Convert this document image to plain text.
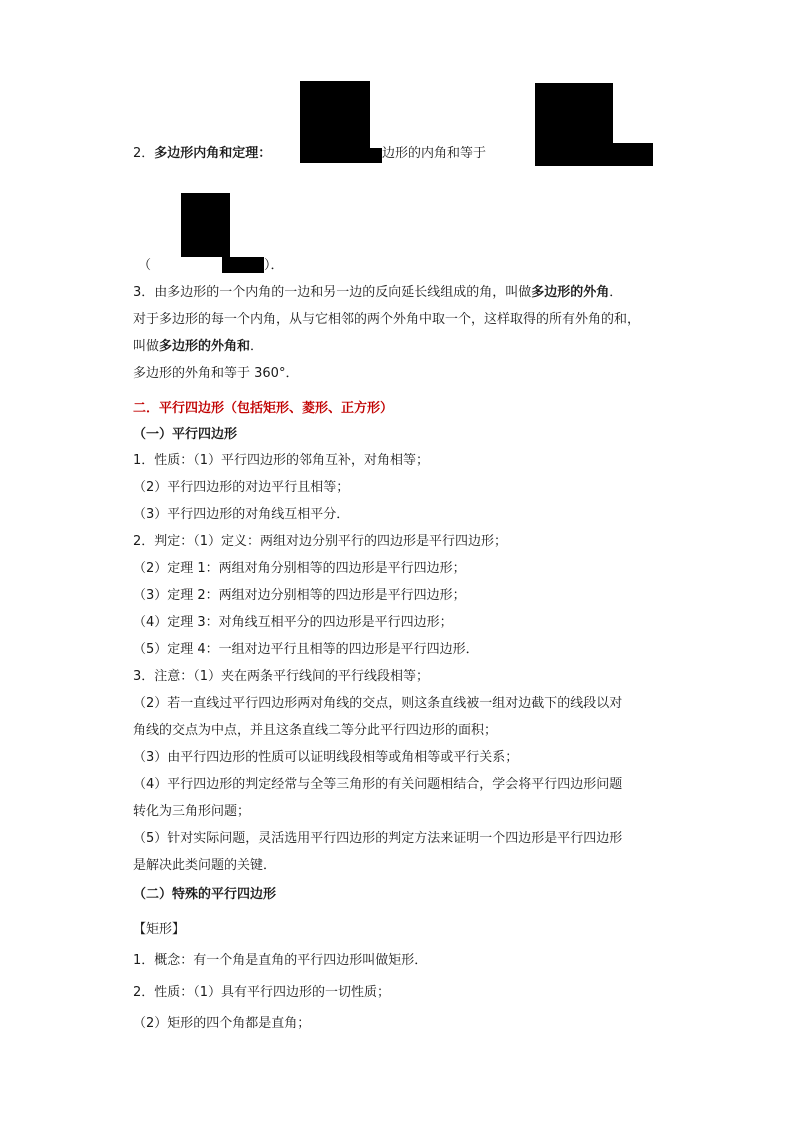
2．多边形内角和定理：	边形的内角和等于
（	）．
3．由多边形的一个内角的一边和另一边的反向延长线组成的角，叫做多边形的外角．
对于多边形的每一个内角，从与它相邻的两个外角中取一个，这样取得的所有外角的和，
叫做多边形的外角和．
多边形的外角和等于 360°．
二．平行四边形（包括矩形、菱形、正方形）
（一）平行四边形
1．性质：（1）平行四边形的邻角互补，对角相等；
（2）平行四边形的对边平行且相等；
（3）平行四边形的对角线互相平分．
2．判定：（1）定义：两组对边分别平行的四边形是平行四边形；
（2）定理 1：两组对角分别相等的四边形是平行四边形；
（3）定理 2：两组对边分别相等的四边形是平行四边形；
（4）定理 3：对角线互相平分的四边形是平行四边形；
（5）定理 4：一组对边平行且相等的四边形是平行四边形．
3．注意：（1）夹在两条平行线间的平行线段相等；
（2）若一直线过平行四边形两对角线的交点，则这条直线被一组对边截下的线段以对
角线的交点为中点，并且这条直线二等分此平行四边形的面积；
（3）由平行四边形的性质可以证明线段相等或角相等或平行关系；
（4）平行四边形的判定经常与全等三角形的有关问题相结合，学会将平行四边形问题
转化为三角形问题；
（5）针对实际问题，灵活选用平行四边形的判定方法来证明一个四边形是平行四边形
是解决此类问题的关键．
（二）特殊的平行四边形
【矩形】
1．概念：有一个角是直角的平行四边形叫做矩形．
2．性质：（1）具有平行四边形的一切性质；
（2）矩形的四个角都是直角；
